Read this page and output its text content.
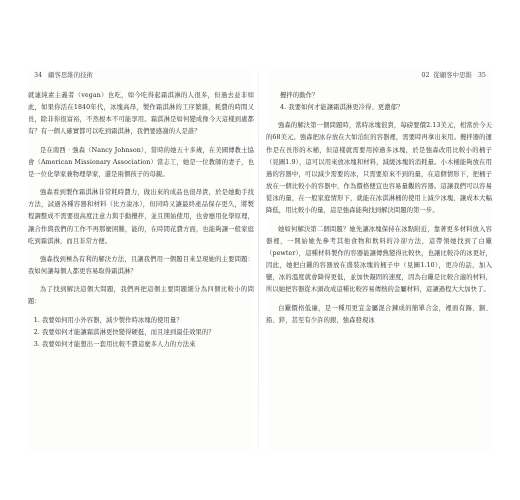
34 顧客思維的技術

就連純素主義者（vegan）也吃，如今吃得起霜淇淋的人很多，但過去並非如此，如果你活在1840年代，冰塊高昂，製作霜淇淋的工序繁雜，耗費的時間又長，除非你很富裕，不然根本不可能享用。霜淇淋是如何變成像今天這樣到處都有？有一個人確實都可以吃到霜淇淋，我們要感謝的人是誰？

是在南西‧強森（Nancy Johnson），當時的她五十多歲，在美國傳教士協會（American Missionary Association）當志工，她是一位教師的妻子，也是一位化學家兼物理學家，還是兩個孩子的母親。

強森看到製作霜淇淋非常耗時費力，做出來的成品也很昂貴，於是她動手找方法，試過各種容器和材料（比方說冰），但同時又讓最終產品保存更久，將製程調整成不需要很高度注意力與手動攪拌，並且開始使用，也會應用化學原理，讓合作與我們的工作不再那麼困難，能的，在時間花費方面，也能夠讓一般家庭吃到霜淇淋，而且非常方便。

強森找到極為有利的解決方法，且讓我們用一個題目來呈現她的主要問題：我如何讓每個人都更容易取得霜淇淋？

為了找到解決這個大問題，我們再把這個主要問題細分為四個比較小的問題：

1. 我要如何用小外容器，減少製作時冰塊的使用量？
2. 我要如何才能讓霜淇淋更快變得硬挺，而且達到最佳效果的？
3. 我要如何才能想出一套用比較不費這麼多人力的方法來
02 從顧客中思維 35

攪拌的動作？

4. 我要如何才能讓霜淇淋更冷得、更濃郁？

強森的解決第一個問題時，當時冰塊很貴，每磅要價2.13美元，相當於今天的68美元。強森把冰存放在大如泊紅的容器裡，需要時再拿出來用。攪拌器的運作是在長形的木桶，但這樣就需要用掉過多冰塊，於是強森改用比較小的桶子（見圖1.9），這可以用來放冰塊和材料，減緩冰塊的消耗量。小木桶能夠放在用過的容器中，可以減少需要的冰，只需要原來不到的量，在這個情形下，把桶子放在一個比較小的容器中，作為價格便宜也容易量觀的容器。這讓我們可以容易從冰的量，在一般家庭情形下，就能在冰淇淋桶的使用上減少冰塊，讓成本大幅降低，用比較小的量，這是強森能夠找到解決問題的第一步。

她如何解決第二個問題？她先讓冰塊保持在冰點附近，靠著更多材料放入容器裡，一開始她先參考其他食物和飲料的冷卻方法，這帶領她找到了白鑞（pewter），這種材料製作的容器能讓傳熱變得比較快，也讓比較冷的冰更好，因此，她把白鑞的容器放在盛裝冰塊的桶子中（見圖1.10），更冷的話，加入鹽，冰的溫度就會降得更低，並加快凝固的速度，因為白鑞是比較合適的材料，所以她把容器從木頭改成這種比較容易傳熱的金屬材料，這讓過程大大加快了。

白鑞價格低廉，是一種用更宜金屬混合鍊成的簡單合金，裡面有錫、銅、鉛、鋅，甚至有少許的銀，強森發現冰
